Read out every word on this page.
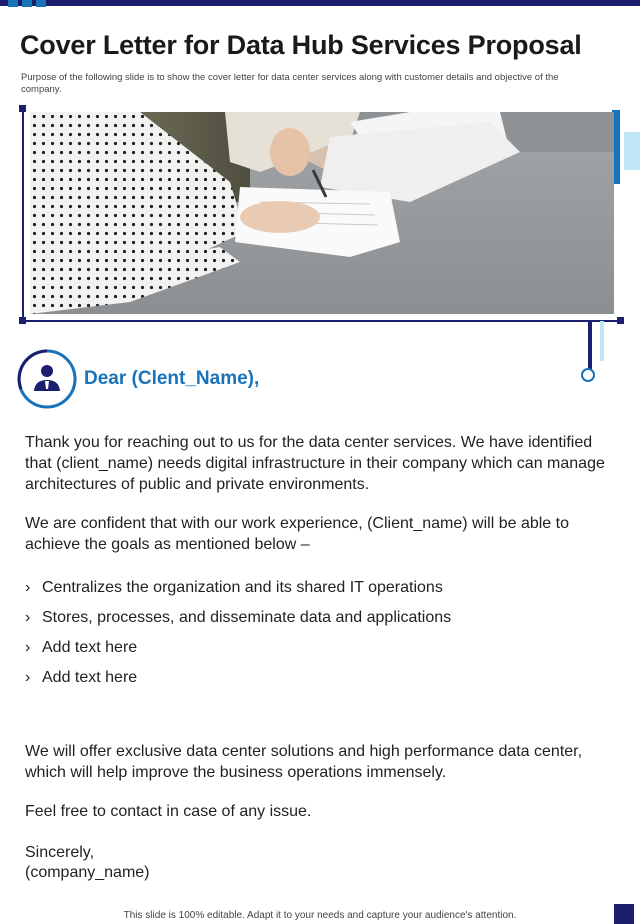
Cover Letter for Data Hub Services Proposal
Purpose of the following slide is to show the cover letter for data center services along with customer details and objective of the company.
Dear (Clent_Name),
Thank you for reaching out to us for the data center services. We have identified that (client_name) needs digital infrastructure in their company which can manage architectures of public and private environments.
We are confident that with our work experience, (Client_name) will be able to achieve the goals as mentioned below –
› Centralizes the organization and its shared IT operations
› Stores, processes, and disseminate data and applications
› Add text here
› Add text here
We will offer exclusive data center solutions and high performance data center, which will help improve the business operations immensely.
Feel free to contact in case of any issue.
Sincerely,
(company_name)
This slide is 100% editable. Adapt it to your needs and capture your audience's attention.
